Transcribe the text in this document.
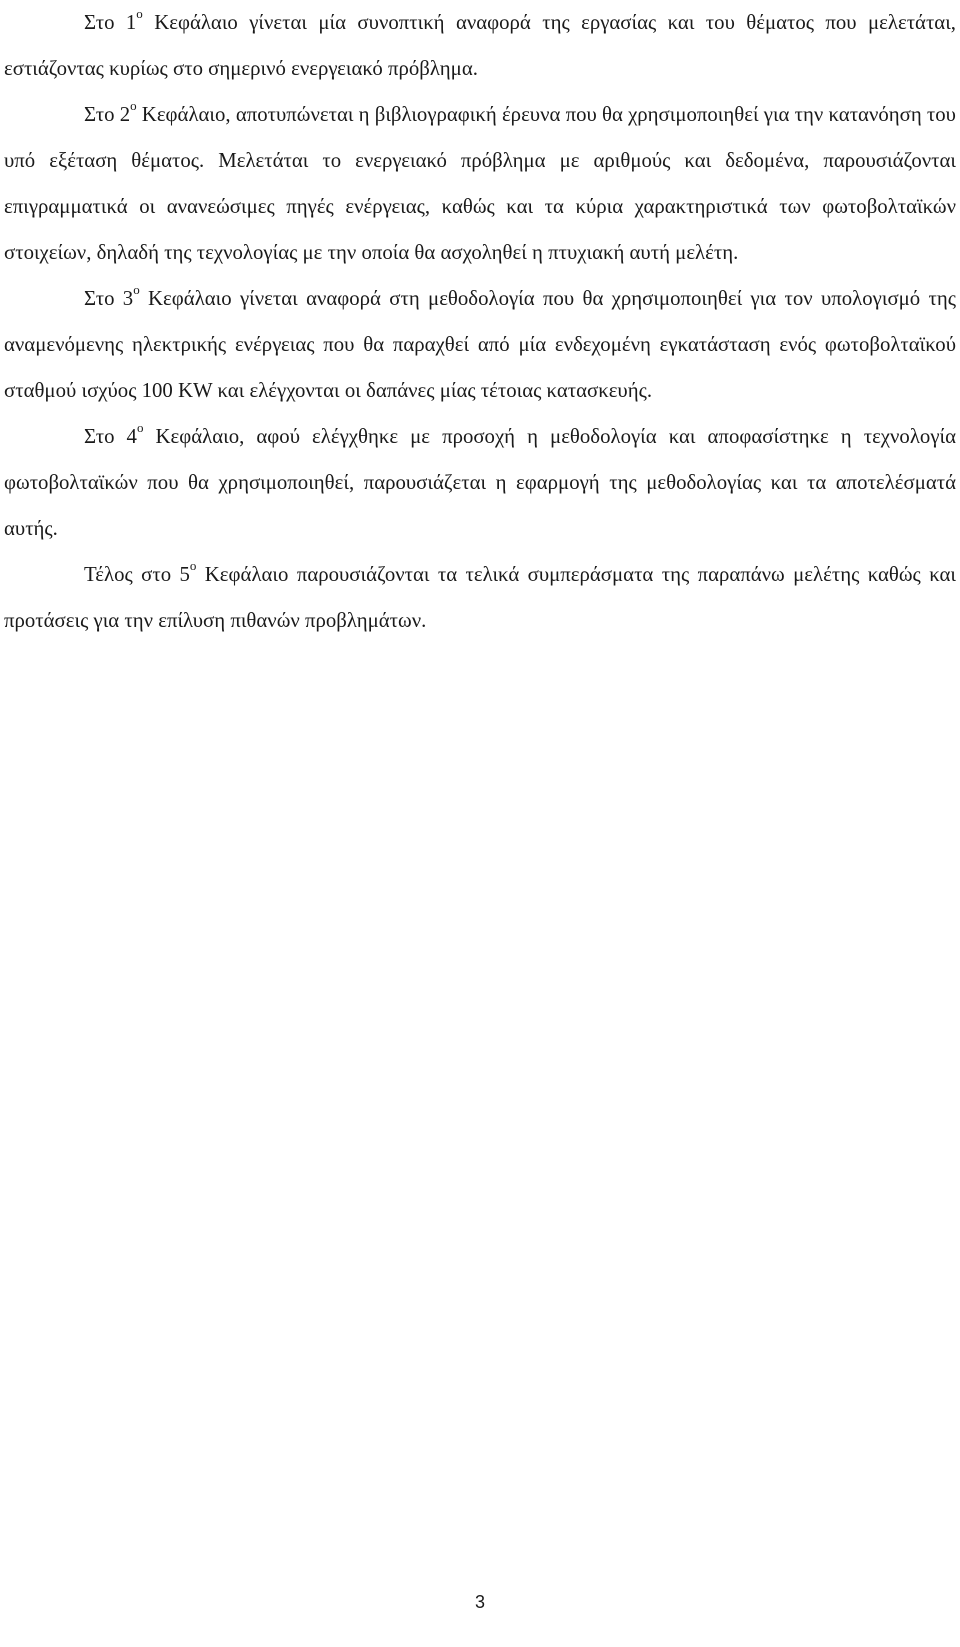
Στο $1^o$ Κεφάλαιο γίνεται μία συνοπτική αναφορά της εργασίας και του θέματος που μελετάται, εστιάζοντας κυρίως στο σημερινό ενεργειακό πρόβλημα.

Στο $2^o$ Κεφάλαιο, αποτυπώνεται η βιβλιογραφική έρευνα που θα χρησιμοποιηθεί για την κατανόηση του υπό εξέταση θέματος. Μελετάται το ενεργειακό πρόβλημα με αριθμούς και δεδομένα, παρουσιάζονται επιγραμματικά οι ανανεώσιμες πηγές ενέργειας, καθώς και τα κύρια χαρακτηριστικά των φωτοβολταϊκών στοιχείων, δηλαδή της τεχνολογίας με την οποία θα ασχοληθεί η πτυχιακή αυτή μελέτη.

Στο $3^o$ Κεφάλαιο γίνεται αναφορά στη μεθοδολογία που θα χρησιμοποιηθεί για τον υπολογισμό της αναμενόμενης ηλεκτρικής ενέργειας που θα παραχθεί από μία ενδεχομένη εγκατάσταση ενός φωτοβολταϊκού σταθμού ισχύος 100 KW και ελέγχονται οι δαπάνες μίας τέτοιας κατασκευής.

Στο $4^o$ Κεφάλαιο, αφού ελέγχθηκε με προσοχή η μεθοδολογία και αποφασίστηκε η τεχνολογία φωτοβολταϊκών που θα χρησιμοποιηθεί, παρουσιάζεται η εφαρμογή της μεθοδολογίας και τα αποτελέσματά αυτής.

Τέλος στο $5^o$ Κεφάλαιο παρουσιάζονται τα τελικά συμπεράσματα της παραπάνω μελέτης καθώς και προτάσεις για την επίλυση πιθανών προβλημάτων.

3
